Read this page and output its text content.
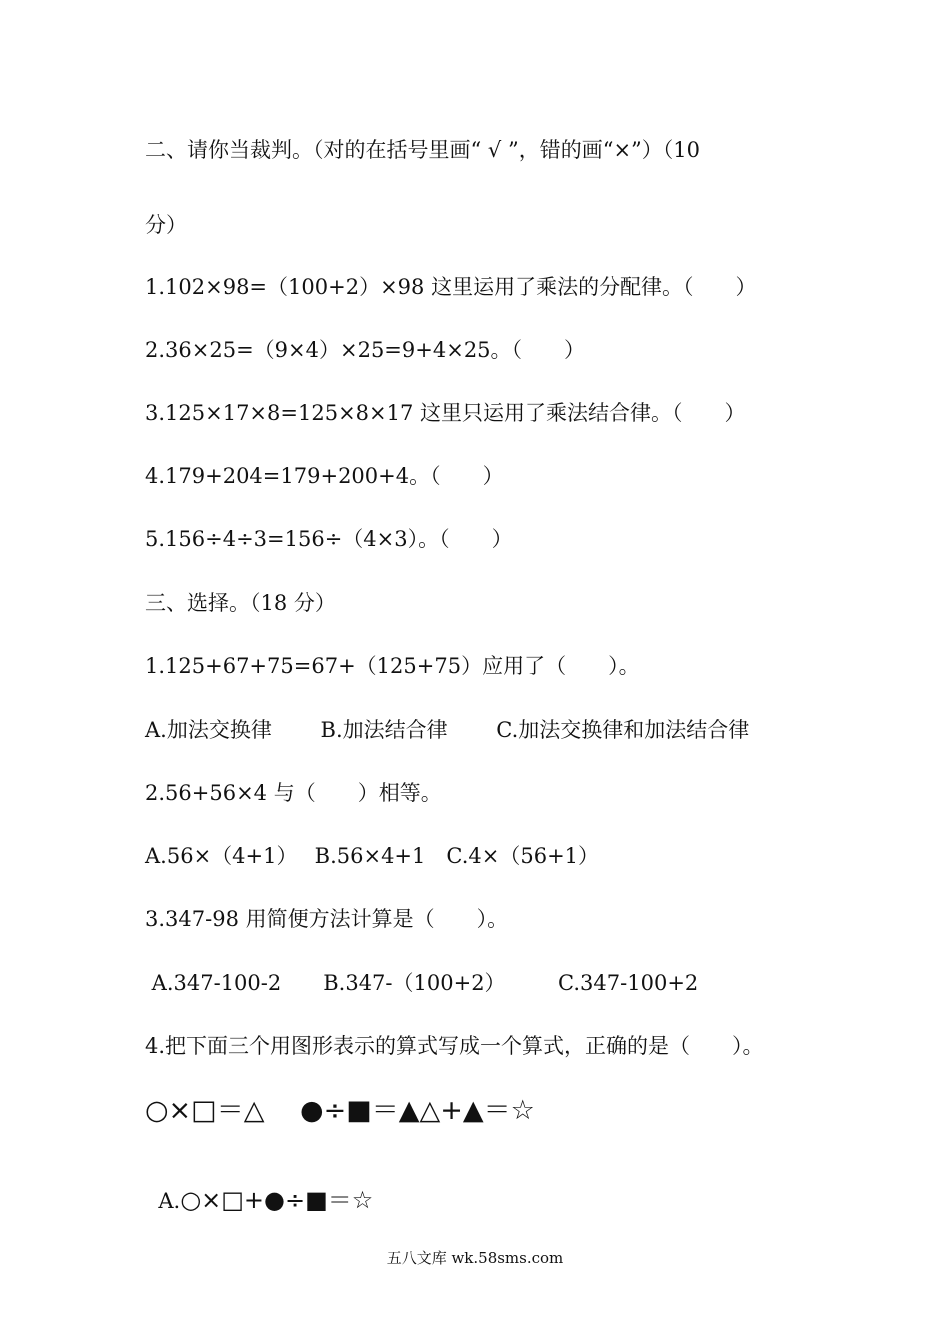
二、请你当裁判。（对的在括号里画“ √ ”，错的画“×”）（10
分）
1.102×98=（100+2）×98 这里运用了乘法的分配律。（　　）
2.36×25=（9×4）×25=9+4×25。（　　）
3.125×17×8=125×8×17 这里只运用了乘法结合律。（　　）
4.179+204=179+200+4。（　　）
5.156÷4÷3=156÷（4×3）。（　　）
三、选择。（18 分）
1.125+67+75=67+（125+75）应用了（　　）。
A.加法交换律　　 B.加法结合律　　 C.加法交换律和加法结合律
2.56+56×4 与（　　）相等。
A.56×（4+1）　 B.56×4+1　C.4×（56+1）
3.347-98 用简便方法计算是（　　）。
A.347-100-2　　B.347-（100+2）　　　C.347-100+2
4.把下面三个用图形表示的算式写成一个算式，正确的是（　　）。
○×□＝△　 ●÷■＝▲△+▲＝☆

A.○×□+●÷■＝☆

五八文库 wk.58sms.com
